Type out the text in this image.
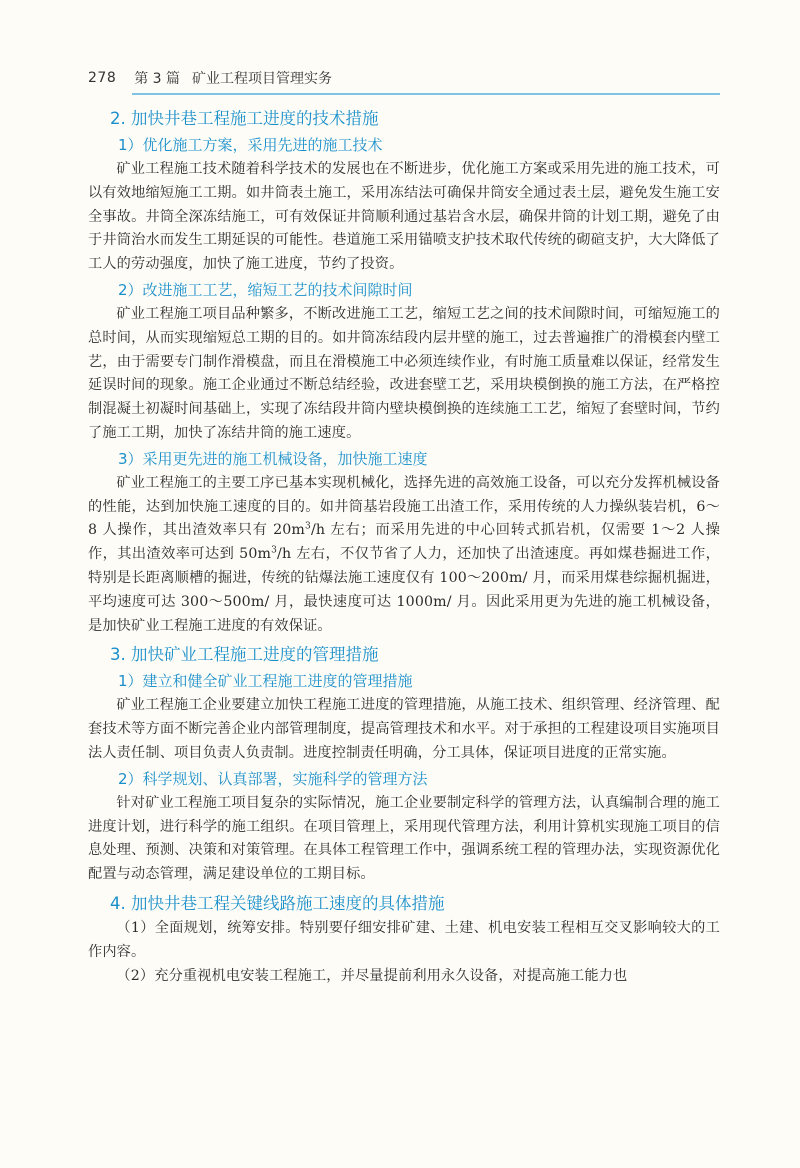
278 第 3 篇 矿业工程项目管理实务
2. 加快井巷工程施工进度的技术措施
1）优化施工方案，采用先进的施工技术

矿业工程施工技术随着科学技术的发展也在不断进步，优化施工方案或采用先进的施工技术，可以有效地缩短施工工期。如井筒表土施工，采用冻结法可确保井筒安全通过表土层，避免发生施工安全事故。井筒全深冻结施工，可有效保证井筒顺利通过基岩含水层，确保井筒的计划工期，避免了由于井筒治水而发生工期延误的可能性。巷道施工采用锚喷支护技术取代传统的砌碹支护，大大降低了工人的劳动强度，加快了施工进度，节约了投资。

2）改进施工工艺，缩短工艺的技术间隙时间

矿业工程施工项目品种繁多，不断改进施工工艺，缩短工艺之间的技术间隙时间，可缩短施工的总时间，从而实现缩短总工期的目的。如井筒冻结段内层井壁的施工，过去普遍推广的滑模套内壁工艺，由于需要专门制作滑模盘，而且在滑模施工中必须连续作业，有时施工质量难以保证，经常发生延误时间的现象。施工企业通过不断总结经验，改进套壁工艺，采用块模倒换的施工方法，在严格控制混凝土初凝时间基础上，实现了冻结段井筒内壁块模倒换的连续施工工艺，缩短了套壁时间，节约了施工工期，加快了冻结井筒的施工速度。

3）采用更先进的施工机械设备，加快施工速度

矿业工程施工的主要工序已基本实现机械化，选择先进的高效施工设备，可以充分发挥机械设备的性能，达到加快施工速度的目的。如井筒基岩段施工出渣工作，采用传统的人力操纵装岩机，6～8 人操作，其出渣效率只有 $20m^3/h$ 左右；而采用先进的中心回转式抓岩机，仅需要 1～2 人操作，其出渣效率可达到 $50m^3/h$ 左右，不仅节省了人力，还加快了出渣速度。再如煤巷掘进工作，特别是长距离顺槽的掘进，传统的钻爆法施工速度仅有 100～200m/ 月，而采用煤巷综掘机掘进，平均速度可达 300～500m/ 月，最快速度可达 1000m/ 月。因此采用更为先进的施工机械设备，是加快矿业工程施工进度的有效保证。

3. 加快矿业工程施工进度的管理措施
1）建立和健全矿业工程施工进度的管理措施

矿业工程施工企业要建立加快工程施工进度的管理措施，从施工技术、组织管理、经济管理、配套技术等方面不断完善企业内部管理制度，提高管理技术和水平。对于承担的工程建设项目实施项目法人责任制、项目负责人负责制。进度控制责任明确，分工具体，保证项目进度的正常实施。

2）科学规划、认真部署，实施科学的管理方法

针对矿业工程施工项目复杂的实际情况，施工企业要制定科学的管理方法，认真编制合理的施工进度计划，进行科学的施工组织。在项目管理上，采用现代管理方法，利用计算机实现施工项目的信息处理、预测、决策和对策管理。在具体工程管理工作中，强调系统工程的管理办法，实现资源优化配置与动态管理，满足建设单位的工期目标。

4. 加快井巷工程关键线路施工速度的具体措施

（1）全面规划，统筹安排。特别要仔细安排矿建、土建、机电安装工程相互交叉影响较大的工作内容。

（2）充分重视机电安装工程施工，并尽量提前利用永久设备，对提高施工能力也
